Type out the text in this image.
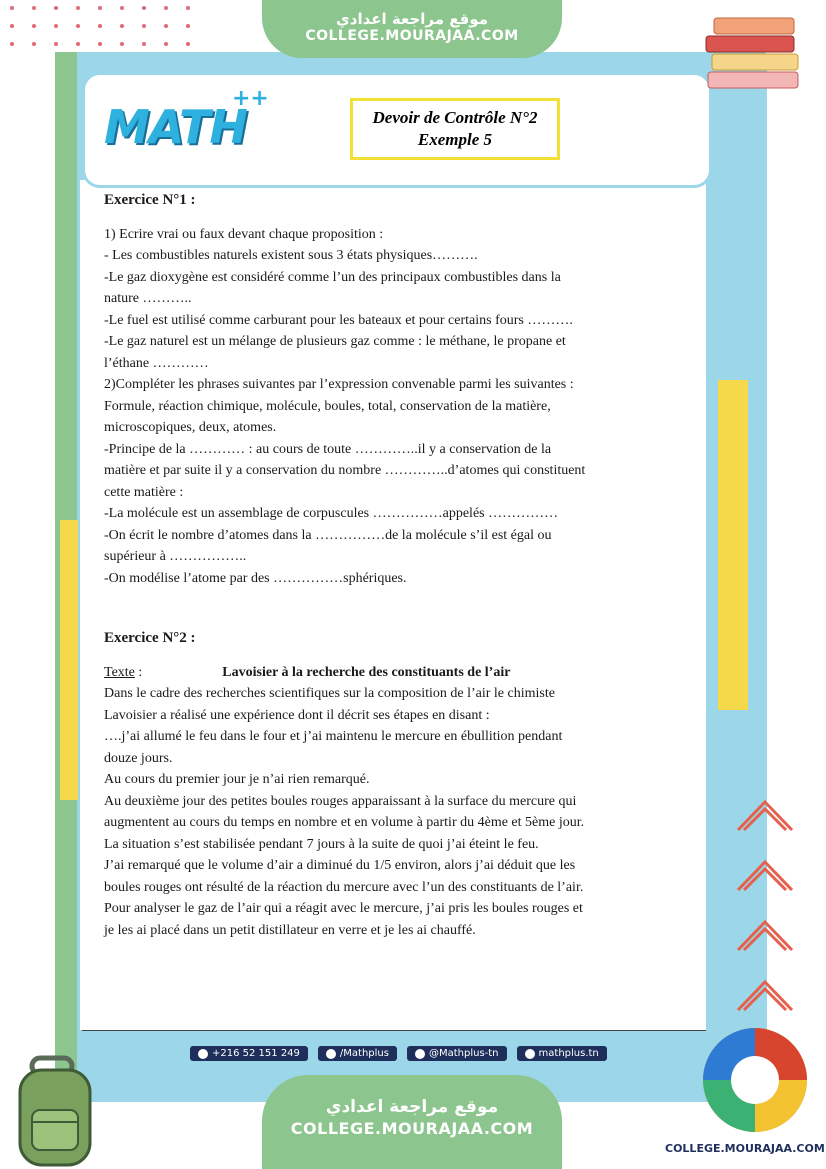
موقع مراجعة اعدادي
COLLEGE.MOURAJAA.COM
MATH
++
Devoir de Contrôle N°2
Exemple 5

Exercice N°1 :

1) Ecrire vrai ou faux devant chaque proposition :

- Les combustibles naturels existent sous 3 états physiques……….

-Le gaz dioxygène est considéré comme l’un des principaux combustibles dans la

nature ………..

-Le fuel est utilisé comme carburant pour les bateaux et pour certains fours ……….

-Le gaz naturel est un mélange de plusieurs gaz comme : le méthane, le propane et

l’éthane …………

2)Compléter les phrases suivantes par l’expression convenable parmi les suivantes :

Formule, réaction chimique, molécule, boules, total, conservation de la matière,

microscopiques, deux, atomes.

-Principe de la ………… : au cours de toute …………..il y a conservation de la

matière et par suite il y a conservation du nombre …………..d’atomes qui constituent

cette matière :

-La molécule est un assemblage de corpuscules ……………appelés ……………

-On écrit le nombre d’atomes dans la ……………de la molécule s’il est égal ou

supérieur à ……………..

-On modélise l’atome par des ……………sphériques.

Exercice N°2 :

Texte :	Lavoisier à la recherche des constituants de l’air

Dans le cadre des recherches scientifiques sur la composition de l’air le chimiste

Lavoisier a réalisé une expérience dont il décrit ses étapes en disant :

….j’ai allumé le feu dans le four et j’ai maintenu le mercure en ébullition pendant

douze jours.

Au cours du premier jour je n’ai rien remarqué.

Au deuxième jour des petites boules rouges apparaissant à la surface du mercure qui

augmentent au cours du temps en nombre et en volume à partir du 4ème et 5ème jour.

La situation s’est stabilisée pendant 7 jours à la suite de quoi j’ai éteint le feu.

J’ai remarqué que le volume d’air a diminué du 1/5 environ, alors j’ai déduit que les

boules rouges ont résulté de la réaction du mercure avec l’un des constituants de l’air.

Pour analyser le gaz de l’air qui a réagit avec le mercure, j’ai pris les boules rouges et

je les ai placé dans un petit distillateur en verre et je les ai chauffé.

+216 52 151 249	/Mathplus	@Mathplus-tn	mathplus.tn
موقع مراجعة اعدادي
COLLEGE.MOURAJAA.COM
COLLEGE.MOURAJAA.COM
